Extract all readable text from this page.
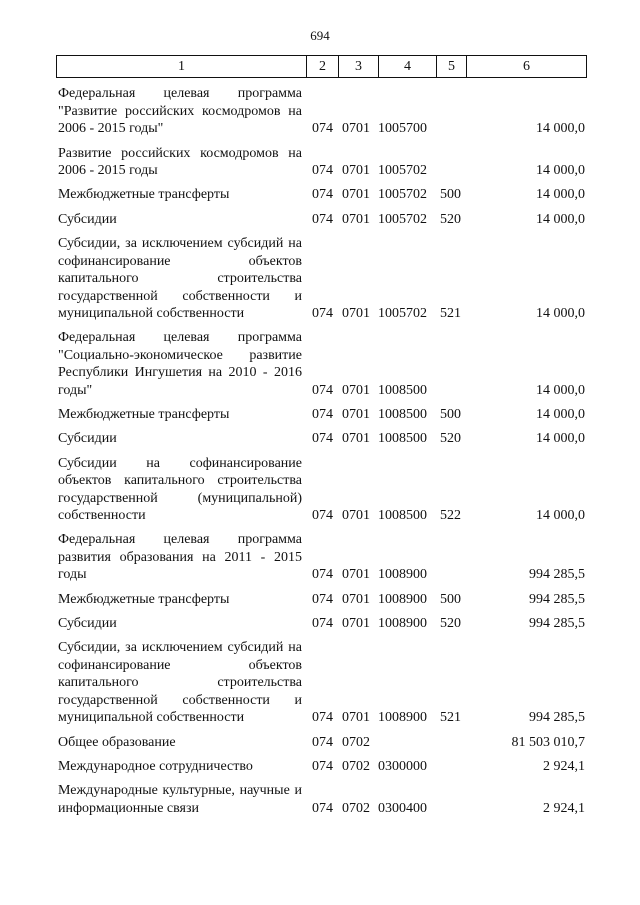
694
1	2	3	4	5	6
Федеральная целевая программа "Развитие российских космодромов на 2006 - 2015 годы"	074	0701	1005700		14 000,0
Развитие российских космодромов на 2006 - 2015 годы	074	0701	1005702		14 000,0
Межбюджетные трансферты	074	0701	1005702	500	14 000,0
Субсидии	074	0701	1005702	520	14 000,0
Субсидии, за исключением субсидий на софинансирование объектов капитального строительства государственной собственности и муниципальной собственности	074	0701	1005702	521	14 000,0
Федеральная целевая программа "Социально-экономическое развитие Республики Ингушетия на 2010 - 2016 годы"	074	0701	1008500		14 000,0
Межбюджетные трансферты	074	0701	1008500	500	14 000,0
Субсидии	074	0701	1008500	520	14 000,0
Субсидии на софинансирование объектов капитального строительства государственной (муниципальной) собственности	074	0701	1008500	522	14 000,0
Федеральная целевая программа развития образования на 2011 - 2015 годы	074	0701	1008900		994 285,5
Межбюджетные трансферты	074	0701	1008900	500	994 285,5
Субсидии	074	0701	1008900	520	994 285,5
Субсидии, за исключением субсидий на софинансирование объектов капитального строительства государственной собственности и муниципальной собственности	074	0701	1008900	521	994 285,5
Общее образование	074	0702			81 503 010,7
Международное сотрудничество	074	0702	0300000		2 924,1
Международные культурные, научные и информационные связи	074	0702	0300400		2 924,1
